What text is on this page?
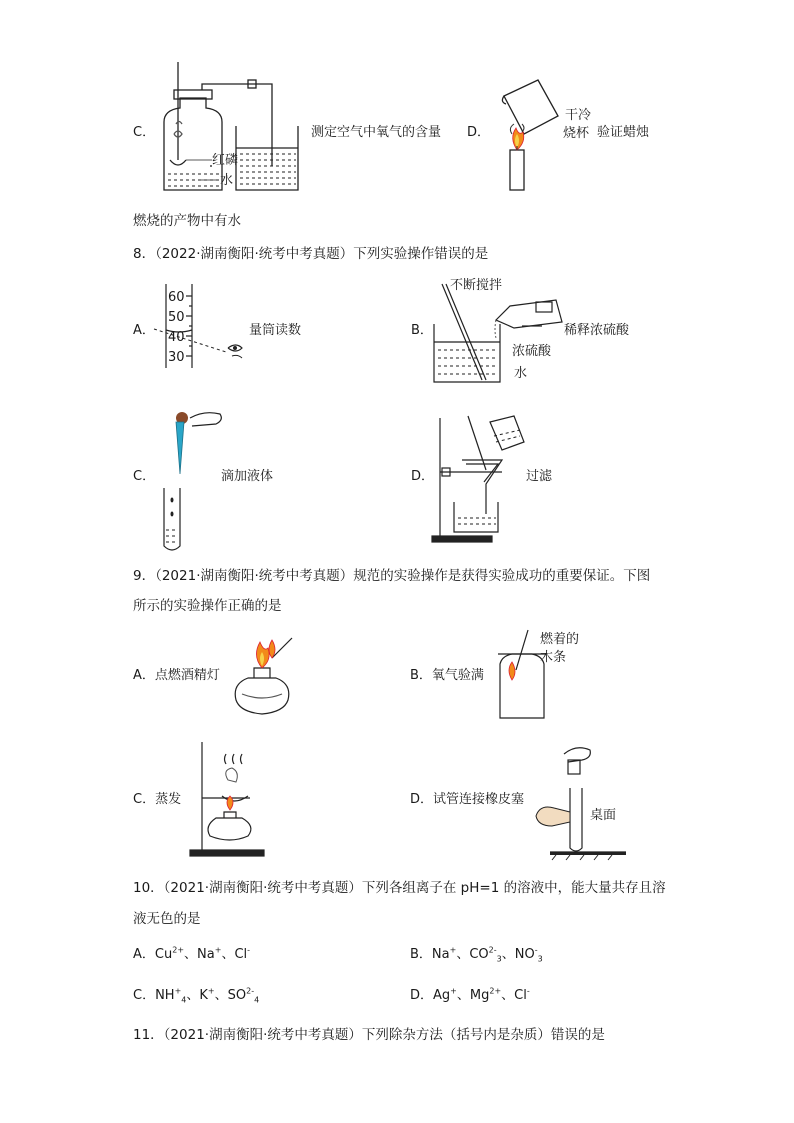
C．
红磷
水
测定空气中氧气的含量 D．
干冷
烧杯 验证蜡烛
燃烧的产物中有水
8．（2022·湖南衡阳·统考中考真题）下列实验操作错误的是
A．
60
50
40
30
量筒读数	B．
不断搅拌
稀释浓硫酸
浓硫酸
水
C．	滴加液体	D．	过滤
9．（2021·湖南衡阳·统考中考真题）规范的实验操作是获得实验成功的重要保证。下图
所示的实验操作正确的是
A．点燃酒精灯	B．氧气验满
燃着的
木条
C．蒸发	D．试管连接橡皮塞
桌面
10．（2021·湖南衡阳·统考中考真题）下列各组离子在 pH=1 的溶液中，能大量共存且溶
液无色的是
A．$Cu^{2+}$、Na+、Cl-	B．Na+、$CO^{2-}_3$、$NO^-_3$
C．$NH^+_4$、K+、$SO^{2-}_4$	D．Ag+、$Mg^{2+}$、Cl-
11．（2021·湖南衡阳·统考中考真题）下列除杂方法（括号内是杂质）错误的是
